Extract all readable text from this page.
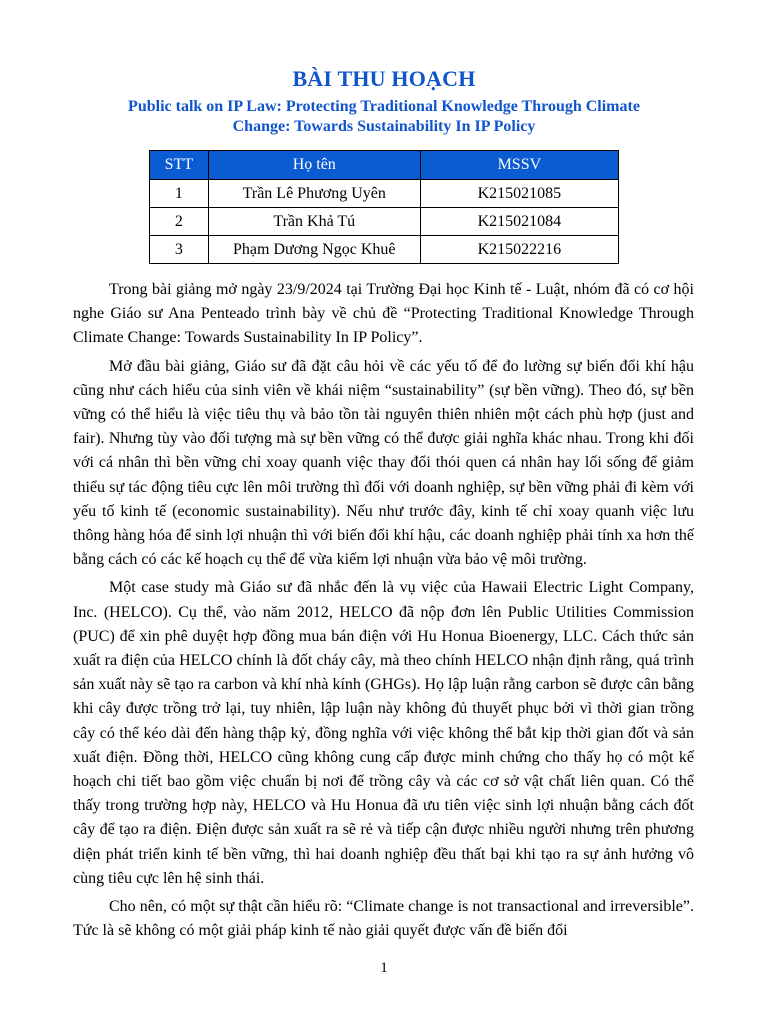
BÀI THU HOẠCH
Public talk on IP Law: Protecting Traditional Knowledge Through Climate Change: Towards Sustainability In IP Policy
STT	Họ tên	MSSV
1	Trần Lê Phương Uyên	K215021085
2	Trần Khả Tú	K215021084
3	Phạm Dương Ngọc Khuê	K215022216

Trong bài giảng mở ngày 23/9/2024 tại Trường Đại học Kinh tế - Luật, nhóm đã có cơ hội nghe Giáo sư Ana Penteado trình bày về chủ đề “Protecting Traditional Knowledge Through Climate Change: Towards Sustainability In IP Policy”.

Mở đầu bài giảng, Giáo sư đã đặt câu hỏi về các yếu tố để đo lường sự biến đổi khí hậu cũng như cách hiểu của sinh viên về khái niệm “sustainability” (sự bền vững). Theo đó, sự bền vững có thể hiểu là việc tiêu thụ và bảo tồn tài nguyên thiên nhiên một cách phù hợp (just and fair). Nhưng tùy vào đối tượng mà sự bền vững có thể được giải nghĩa khác nhau. Trong khi đối với cá nhân thì bền vững chỉ xoay quanh việc thay đổi thói quen cá nhân hay lối sống để giảm thiểu sự tác động tiêu cực lên môi trường thì đối với doanh nghiệp, sự bền vững phải đi kèm với yếu tố kinh tế (economic sustainability). Nếu như trước đây, kinh tế chỉ xoay quanh việc lưu thông hàng hóa để sinh lợi nhuận thì với biến đổi khí hậu, các doanh nghiệp phải tính xa hơn thế bằng cách có các kế hoạch cụ thể để vừa kiếm lợi nhuận vừa bảo vệ môi trường.

Một case study mà Giáo sư đã nhắc đến là vụ việc của Hawaii Electric Light Company, Inc. (HELCO). Cụ thể, vào năm 2012, HELCO đã nộp đơn lên Public Utilities Commission (PUC) để xin phê duyệt hợp đồng mua bán điện với Hu Honua Bioenergy, LLC. Cách thức sản xuất ra điện của HELCO chính là đốt cháy cây, mà theo chính HELCO nhận định rằng, quá trình sản xuất này sẽ tạo ra carbon và khí nhà kính (GHGs). Họ lập luận rằng carbon sẽ được cân bằng khi cây được trồng trở lại, tuy nhiên, lập luận này không đủ thuyết phục bởi vì thời gian trồng cây có thể kéo dài đến hàng thập kỷ, đồng nghĩa với việc không thể bắt kịp thời gian đốt và sản xuất điện. Đồng thời, HELCO cũng không cung cấp được minh chứng cho thấy họ có một kế hoạch chi tiết bao gồm việc chuẩn bị nơi để trồng cây và các cơ sở vật chất liên quan. Có thể thấy trong trường hợp này, HELCO và Hu Honua đã ưu tiên việc sinh lợi nhuận bằng cách đốt cây để tạo ra điện. Điện được sản xuất ra sẽ rẻ và tiếp cận được nhiều người nhưng trên phương diện phát triển kinh tế bền vững, thì hai doanh nghiệp đều thất bại khi tạo ra sự ảnh hưởng vô cùng tiêu cực lên hệ sinh thái.

Cho nên, có một sự thật cần hiểu rõ: “Climate change is not transactional and irreversible”. Tức là sẽ không có một giải pháp kinh tế nào giải quyết được vấn đề biến đổi

1
